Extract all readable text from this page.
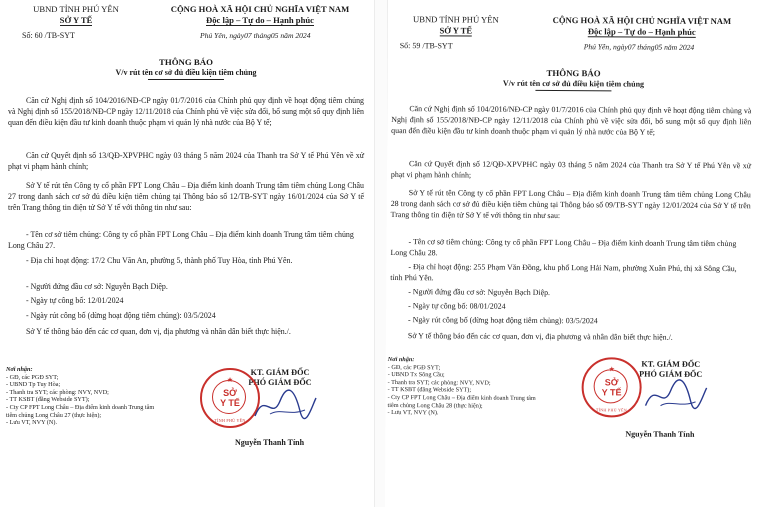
UBND TỈNH PHÚ YÊN
SỞ Y TẾ
CỘNG HOÀ XÃ HỘI CHỦ NGHĨA VIỆT NAM
Độc lập – Tự do – Hạnh phúc
Số: 60 /TB-SYT	Phú Yên, ngày07 tháng05 năm 2024
THÔNG BÁO
V/v rút tên cơ sở đủ điều kiện tiêm chủng
Căn cứ Nghị định số 104/2016/NĐ-CP ngày 01/7/2016 của Chính phủ quy định về hoạt động tiêm chủng và Nghị định số 155/2018/NĐ-CP ngày 12/11/2018 của Chính phủ về việc sửa đổi, bổ sung một số quy định liên quan đến điều kiện đầu tư kinh doanh thuộc phạm vi quản lý nhà nước của Bộ Y tế;
Căn cứ Quyết định số 13/QĐ-XPVPHC ngày 03 tháng 5 năm 2024 của Thanh tra Sở Y tế Phú Yên về xử phạt vi phạm hành chính;
Sở Y tế rút tên Công ty cổ phần FPT Long Châu – Địa điểm kinh doanh Trung tâm tiêm chủng Long Châu 27 trong danh sách cơ sở đủ điều kiện tiêm chủng tại Thông báo số 12/TB-SYT ngày 16/01/2024 của Sở Y tế trên Trang thông tin điện tử Sở Y tế với thông tin như sau:
- Tên cơ sở tiêm chủng: Công ty cổ phần FPT Long Châu – Địa điểm kinh doanh Trung tâm tiêm chủng Long Châu 27.
- Địa chỉ hoạt động: 17/2 Chu Văn An, phường 5, thành phố Tuy Hòa, tỉnh Phú Yên.
- Người đứng đầu cơ sở: Nguyễn Bạch Diệp.
- Ngày tự công bố: 12/01/2024
- Ngày rút công bố (dừng hoạt động tiêm chủng): 03/5/2024
Sở Y tế thông báo đến các cơ quan, đơn vị, địa phương và nhân dân biết thực hiện./.
Nơi nhận:
- GĐ, các PGĐ SYT;
- UBND Tp Tuy Hòa;
- Thanh tra SYT; các phòng: NVY, NVD;
- TT KSBT (đăng Webside SYT);
- Cty CP FPT Long Châu – Địa điểm kinh doanh Trung tâm tiêm chủng Long Châu 27 (thực hiện);
- Lưu VT, NVY (N).
KT. GIÁM ĐỐC
PHÓ GIÁM ĐỐC
★
SỞ
Y TẾ
TỈNH PHÚ YÊN
Nguyễn Thanh Tính
UBND TỈNH PHÚ YÊN
SỞ Y TẾ
CỘNG HOÀ XÃ HỘI CHỦ NGHĨA VIỆT NAM
Độc lập – Tự do – Hạnh phúc
Số: 59 /TB-SYT	Phú Yên, ngày07 tháng05 năm 2024
THÔNG BÁO
V/v rút tên cơ sở đủ điều kiện tiêm chủng
Căn cứ Nghị định số 104/2016/NĐ-CP ngày 01/7/2016 của Chính phủ quy định về hoạt động tiêm chủng và Nghị định số 155/2018/NĐ-CP ngày 12/11/2018 của Chính phủ về việc sửa đổi, bổ sung một số quy định liên quan đến điều kiện đầu tư kinh doanh thuộc phạm vi quản lý nhà nước của Bộ Y tế;
Căn cứ Quyết định số 12/QĐ-XPVPHC ngày 03 tháng 5 năm 2024 của Thanh tra Sở Y tế Phú Yên về xử phạt vi phạm hành chính;
Sở Y tế rút tên Công ty cổ phần FPT Long Châu – Địa điểm kinh doanh Trung tâm tiêm chủng Long Châu 28 trong danh sách cơ sở đủ điều kiện tiêm chủng tại Thông báo số 09/TB-SYT ngày 12/01/2024 của Sở Y tế trên Trang thông tin điện tử Sở Y tế với thông tin như sau:
- Tên cơ sở tiêm chủng: Công ty cổ phần FPT Long Châu – Địa điểm kinh doanh Trung tâm tiêm chủng Long Châu 28.
- Địa chỉ hoạt động: 255 Phạm Văn Đồng, khu phố Long Hải Nam, phường Xuân Phú, thị xã Sông Cầu, tỉnh Phú Yên.
- Người đứng đầu cơ sở: Nguyễn Bạch Diệp.
- Ngày tự công bố: 08/01/2024
- Ngày rút công bố (dừng hoạt động tiêm chủng): 03/5/2024
Sở Y tế thông báo đến các cơ quan, đơn vị, địa phương và nhân dân biết thực hiện./.
Nơi nhận:
- GĐ, các PGĐ SYT;
- UBND Tx Sông Cầu;
- Thanh tra SYT; các phòng: NVY, NVD;
- TT KSBT (đăng Webside SYT);
- Cty CP FPT Long Châu – Địa điểm kinh doanh Trung tâm tiêm chủng Long Châu 28 (thực hiện);
- Lưu VT, NVY (N).
KT. GIÁM ĐỐC
PHÓ GIÁM ĐỐC
★
SỞ
Y TẾ
TỈNH PHÚ YÊN
Nguyễn Thanh Tính
